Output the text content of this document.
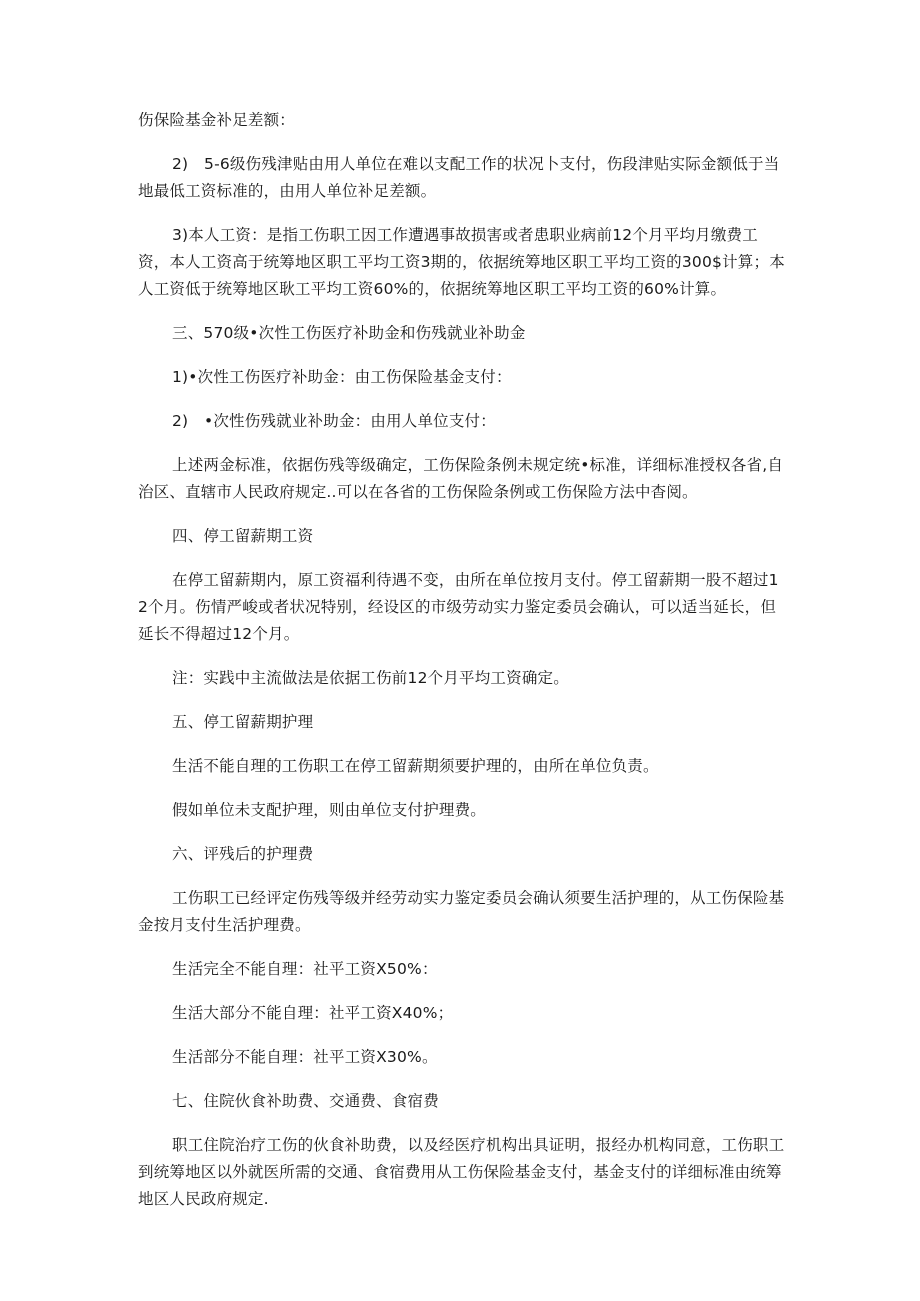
伤保险基金补足差额：

2)　5-6级伤残津贴由用人单位在难以支配工作的状况卜支付，伤段津贴实际金额低于当地最低工资标准的，由用人单位补足差额。

3)本人工资：是指工伤职工因工作遭遇事故损害或者患职业病前12个月平均月缴费工资，本人工资高于统筹地区职工平均工资3期的，依据统筹地区职工平均工资的300$计算；本人工资低于统筹地区耿工平均工资60%的，依据统筹地区职工平均工资的60%计算。

三、570级•次性工伤医疗补助金和伤残就业补助金

1)•次性工伤医疗补助金：由工伤保险基金支付：

2)　•次性伤残就业补助金：由用人单位支付：

上述两金标准，依据伤残等级确定，工伤保险条例未规定统•标准，详细标准授权各省,自治区、直辖市人民政府规定..可以在各省的工伤保险条例或工伤保险方法中杳阅。

四、停工留薪期工资

在停工留薪期内，原工资福利待遇不变，由所在单位按月支付。停工留薪期一股不超过12个月。伤情严峻或者状况特别，经设区的市级劳动实力鉴定委员会确认，可以适当延长，但延长不得超过12个月。

注：实践中主流做法是依据工伤前12个月平均工资确定。

五、停工留薪期护理

生活不能自理的工伤职工在停工留薪期须要护理的，由所在单位负责。

假如单位未支配护理，则由单位支付护理费。

六、评残后的护理费

工伤职工已经评定伤残等级并经劳动实力鉴定委员会确认须要生活护理的，从工伤保险基金按月支付生活护理费。

生活完全不能自理：社平工资X50%：

生活大部分不能自理：社平工资X40%；

生活部分不能自理：社平工资X30%。

七、住院伙食补助费、交通费、食宿费

职工住院治疗工伤的伙食补助费，以及经医疗机构出具证明，报经办机构同意，工伤职工到统筹地区以外就医所需的交通、食宿费用从工伤保险基金支付，基金支付的详细标准由统筹地区人民政府规定.
